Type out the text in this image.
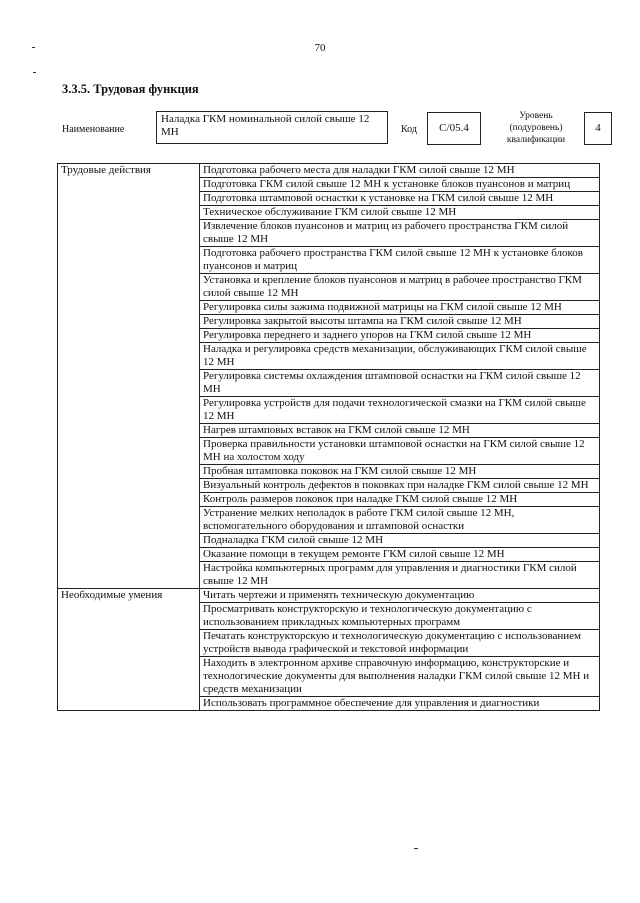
70
3.3.5. Трудовая функция
Наименование
Наладка ГКМ номинальной силой свыше 12 МН	Код	C/05.4
Уровень (подуровень) квалификации
4
Трудовые действия	Подготовка рабочего места для наладки ГКМ силой свыше 12 МН
	Подготовка ГКМ силой свыше 12 МН к установке блоков пуансонов и матриц
	Подготовка штамповой оснастки к установке на ГКМ силой свыше 12 МН
	Техническое обслуживание ГКМ силой свыше 12 МН
	Извлечение блоков пуансонов и матриц из рабочего пространства ГКМ силой свыше 12 МН
	Подготовка рабочего пространства ГКМ силой свыше 12 МН к установке блоков пуансонов и матриц
	Установка и крепление блоков пуансонов и матриц в рабочее пространство ГКМ силой свыше 12 МН
	Регулировка силы зажима подвижной матрицы на ГКМ силой свыше 12 МН
	Регулировка закрытой высоты штампа на ГКМ силой свыше 12 МН
	Регулировка переднего и заднего упоров на ГКМ силой свыше 12 МН
	Наладка и регулировка средств механизации, обслуживающих ГКМ силой свыше 12 МН
	Регулировка системы охлаждения штамповой оснастки на ГКМ силой свыше 12 МН
	Регулировка устройств для подачи технологической смазки на ГКМ силой свыше 12 МН
	Нагрев штамповых вставок на ГКМ силой свыше 12 МН
	Проверка правильности установки штамповой оснастки на ГКМ силой свыше 12 МН на холостом ходу
	Пробная штамповка поковок на ГКМ силой свыше 12 МН
	Визуальный контроль дефектов в поковках при наладке ГКМ силой свыше 12 МН
	Контроль размеров поковок при наладке ГКМ силой свыше 12 МН
	Устранение мелких неполадок в работе ГКМ силой свыше 12 МН, вспомогательного оборудования и штамповой оснастки
	Подналадка ГКМ силой свыше 12 МН
	Оказание помощи в текущем ремонте ГКМ силой свыше 12 МН
	Настройка компьютерных программ для управления и диагностики ГКМ силой свыше 12 МН
Необходимые умения	Читать чертежи и применять техническую документацию
	Просматривать конструкторскую и технологическую документацию с использованием прикладных компьютерных программ
	Печатать конструкторскую и технологическую документацию с использованием устройств вывода графической и текстовой информации
	Находить в электронном архиве справочную информацию, конструкторские и технологические документы для выполнения наладки ГКМ силой свыше 12 МН и средств механизации
	Использовать программное обеспечение для управления и диагностики
